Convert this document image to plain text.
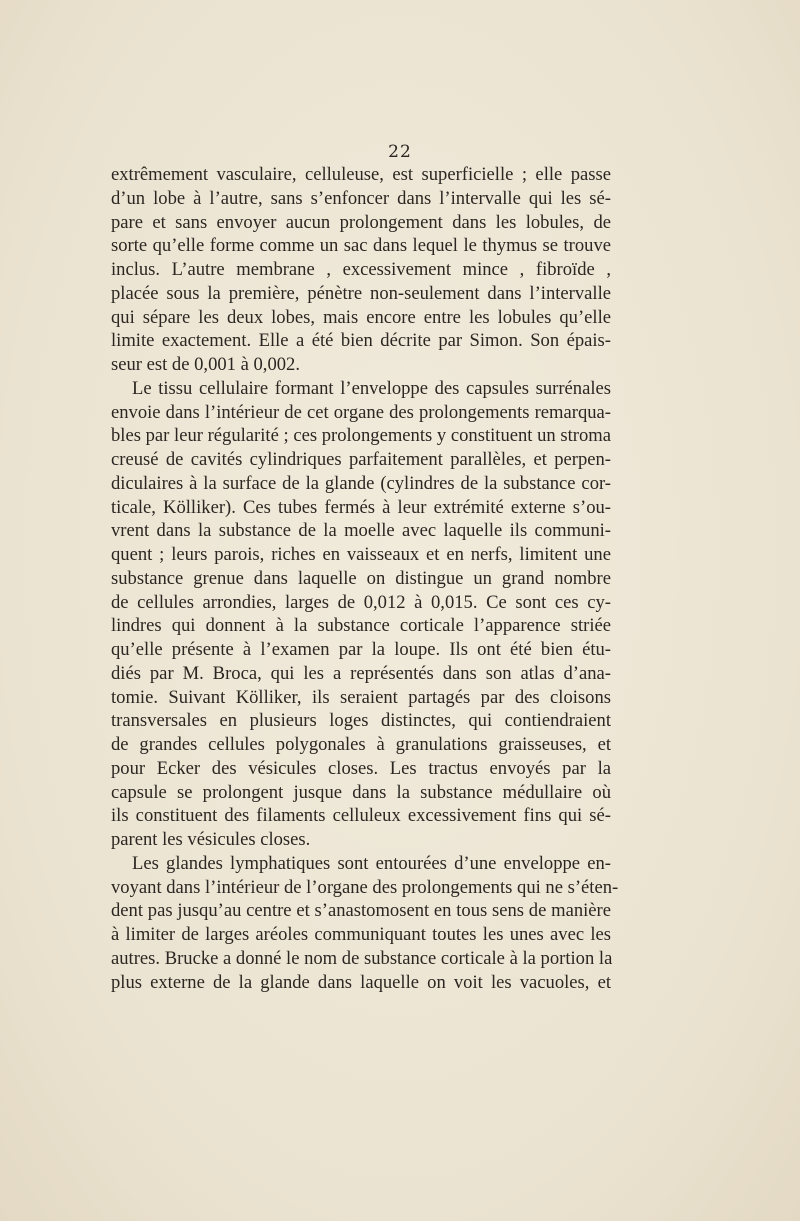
22
extrêmement vasculaire, celluleuse, est superficielle ; elle passe
d’un lobe à l’autre, sans s’enfoncer dans l’intervalle qui les sé-
pare et sans envoyer aucun prolongement dans les lobules, de
sorte qu’elle forme comme un sac dans lequel le thymus se trouve
inclus. L’autre membrane , excessivement mince , fibroïde ,
placée sous la première, pénètre non-seulement dans l’intervalle
qui sépare les deux lobes, mais encore entre les lobules qu’elle
limite exactement. Elle a été bien décrite par Simon. Son épais-
seur est de 0,001 à 0,002.
Le tissu cellulaire formant l’enveloppe des capsules surrénales
envoie dans l’intérieur de cet organe des prolongements remarqua-
bles par leur régularité ; ces prolongements y constituent un stroma
creusé de cavités cylindriques parfaitement parallèles, et perpen-
diculaires à la surface de la glande (cylindres de la substance cor-
ticale, Kölliker). Ces tubes fermés à leur extrémité externe s’ou-
vrent dans la substance de la moelle avec laquelle ils communi-
quent ; leurs parois, riches en vaisseaux et en nerfs, limitent une
substance grenue dans laquelle on distingue un grand nombre
de cellules arrondies, larges de 0,012 à 0,015. Ce sont ces cy-
lindres qui donnent à la substance corticale l’apparence striée
qu’elle présente à l’examen par la loupe. Ils ont été bien étu-
diés par M. Broca, qui les a représentés dans son atlas d’ana-
tomie. Suivant Kölliker, ils seraient partagés par des cloisons
transversales en plusieurs loges distinctes, qui contiendraient
de grandes cellules polygonales à granulations graisseuses, et
pour Ecker des vésicules closes. Les tractus envoyés par la
capsule se prolongent jusque dans la substance médullaire où
ils constituent des filaments celluleux excessivement fins qui sé-
parent les vésicules closes.
Les glandes lymphatiques sont entourées d’une enveloppe en-
voyant dans l’intérieur de l’organe des prolongements qui ne s’éten-
dent pas jusqu’au centre et s’anastomosent en tous sens de manière
à limiter de larges aréoles communiquant toutes les unes avec les
autres. Brucke a donné le nom de substance corticale à la portion la
plus externe de la glande dans laquelle on voit les vacuoles, et
